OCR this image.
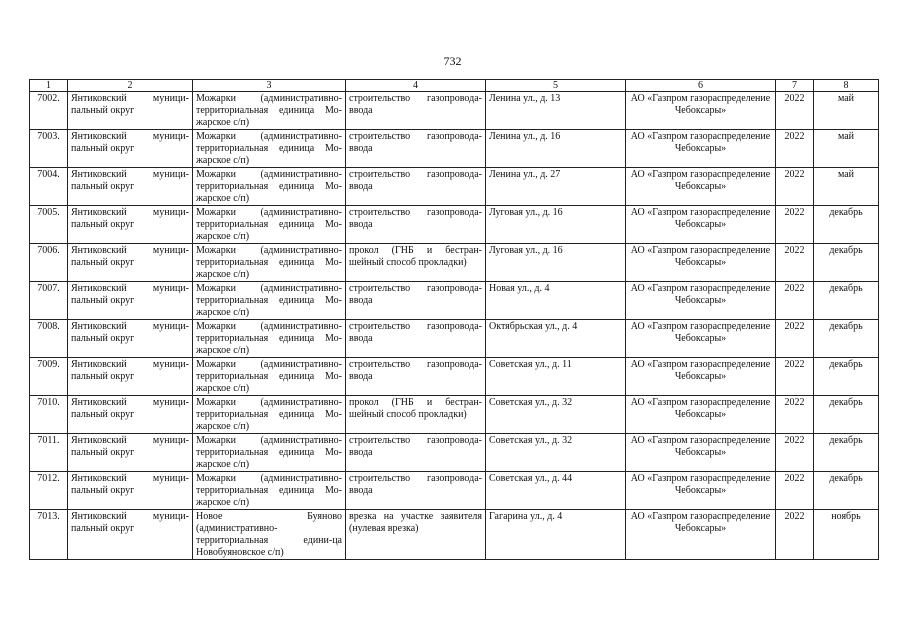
732
1	2	3	4	5	6	7	8
7002.	Янтиковский муници-пальный округ	Можарки (административно-территориальная единица Мо-жарское с/п)	строительство газопровода-ввода	Ленина ул., д. 13	АО «Газпром газораспределение Чебоксары»	2022	май
7003.	Янтиковский муници-пальный округ	Можарки (административно-территориальная единица Мо-жарское с/п)	строительство газопровода-ввода	Ленина ул., д. 16	АО «Газпром газораспределение Чебоксары»	2022	май
7004.	Янтиковский муници-пальный округ	Можарки (административно-территориальная единица Мо-жарское с/п)	строительство газопровода-ввода	Ленина ул., д. 27	АО «Газпром газораспределение Чебоксары»	2022	май
7005.	Янтиковский муници-пальный округ	Можарки (административно-территориальная единица Мо-жарское с/п)	строительство газопровода-ввода	Луговая ул., д. 16	АО «Газпром газораспределение Чебоксары»	2022	декабрь
7006.	Янтиковский муници-пальный округ	Можарки (административно-территориальная единица Мо-жарское с/п)	прокол (ГНБ и бестран-шейный способ прокладки)	Луговая ул., д. 16	АО «Газпром газораспределение Чебоксары»	2022	декабрь
7007.	Янтиковский муници-пальный округ	Можарки (административно-территориальная единица Мо-жарское с/п)	строительство газопровода-ввода	Новая ул., д. 4	АО «Газпром газораспределение Чебоксары»	2022	декабрь
7008.	Янтиковский муници-пальный округ	Можарки (административно-территориальная единица Мо-жарское с/п)	строительство газопровода-ввода	Октябрьская ул., д. 4	АО «Газпром газораспределение Чебоксары»	2022	декабрь
7009.	Янтиковский муници-пальный округ	Можарки (административно-территориальная единица Мо-жарское с/п)	строительство газопровода-ввода	Советская ул., д. 11	АО «Газпром газораспределение Чебоксары»	2022	декабрь
7010.	Янтиковский муници-пальный округ	Можарки (административно-территориальная единица Мо-жарское с/п)	прокол (ГНБ и бестран-шейный способ прокладки)	Советская ул., д. 32	АО «Газпром газораспределение Чебоксары»	2022	декабрь
7011.	Янтиковский муници-пальный округ	Можарки (административно-территориальная единица Мо-жарское с/п)	строительство газопровода-ввода	Советская ул., д. 32	АО «Газпром газораспределение Чебоксары»	2022	декабрь
7012.	Янтиковский муници-пальный округ	Можарки (административно-территориальная единица Мо-жарское с/п)	строительство газопровода-ввода	Советская ул., д. 44	АО «Газпром газораспределение Чебоксары»	2022	декабрь
7013.	Янтиковский муници-пальный округ	Новое Буяново (административно-территориальная едини-ца Новобуяновское с/п)	врезка на участке заявителя (нулевая врезка)	Гагарина ул., д. 4	АО «Газпром газораспределение Чебоксары»	2022	ноябрь
